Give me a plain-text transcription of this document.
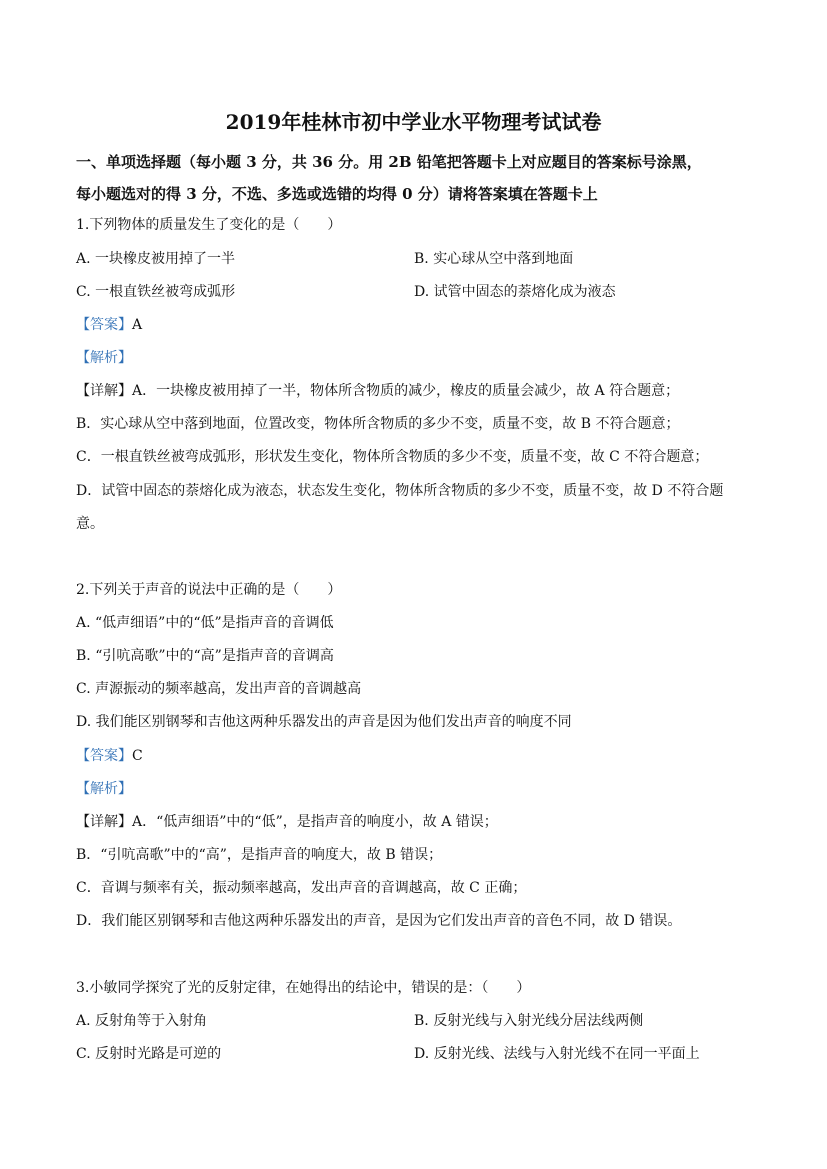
2019年桂林市初中学业水平物理考试试卷
一、单项选择题（每小题 3 分，共 36 分。用 2B 铅笔把答题卡上对应题目的答案标号涂黑，
每小题选对的得 3 分，不选、多选或选错的均得 0 分）请将答案填在答题卡上
1.下列物体的质量发生了变化的是（　　）
A. 一块橡皮被用掉了一半	B. 实心球从空中落到地面
C. 一根直铁丝被弯成弧形	D. 试管中固态的萘熔化成为液态
【答案】A
【解析】
【详解】A．一块橡皮被用掉了一半，物体所含物质的减少，橡皮的质量会减少，故 A 符合题意；
B．实心球从空中落到地面，位置改变，物体所含物质的多少不变，质量不变，故 B 不符合题意；
C．一根直铁丝被弯成弧形，形状发生变化，物体所含物质的多少不变，质量不变，故 C 不符合题意；
D．试管中固态的萘熔化成为液态，状态发生变化，物体所含物质的多少不变，质量不变，故 D 不符合题
意。
2.下列关于声音的说法中正确的是（　　）
A. “低声细语”中的“低”是指声音的音调低
B. “引吭高歌”中的“高”是指声音的音调高
C. 声源振动的频率越高，发出声音的音调越高
D. 我们能区别钢琴和吉他这两种乐器发出的声音是因为他们发出声音的响度不同
【答案】C
【解析】
【详解】A．“低声细语”中的“低”，是指声音的响度小，故 A 错误；
B．“引吭高歌”中的“高”，是指声音的响度大，故 B 错误；
C．音调与频率有关，振动频率越高，发出声音的音调越高，故 C 正确；
D．我们能区别钢琴和吉他这两种乐器发出的声音，是因为它们发出声音的音色不同，故 D 错误。
3.小敏同学探究了光的反射定律，在她得出的结论中，错误的是：（　　）
A. 反射角等于入射角	B. 反射光线与入射光线分居法线两侧
C. 反射时光路是可逆的	D. 反射光线、法线与入射光线不在同一平面上
